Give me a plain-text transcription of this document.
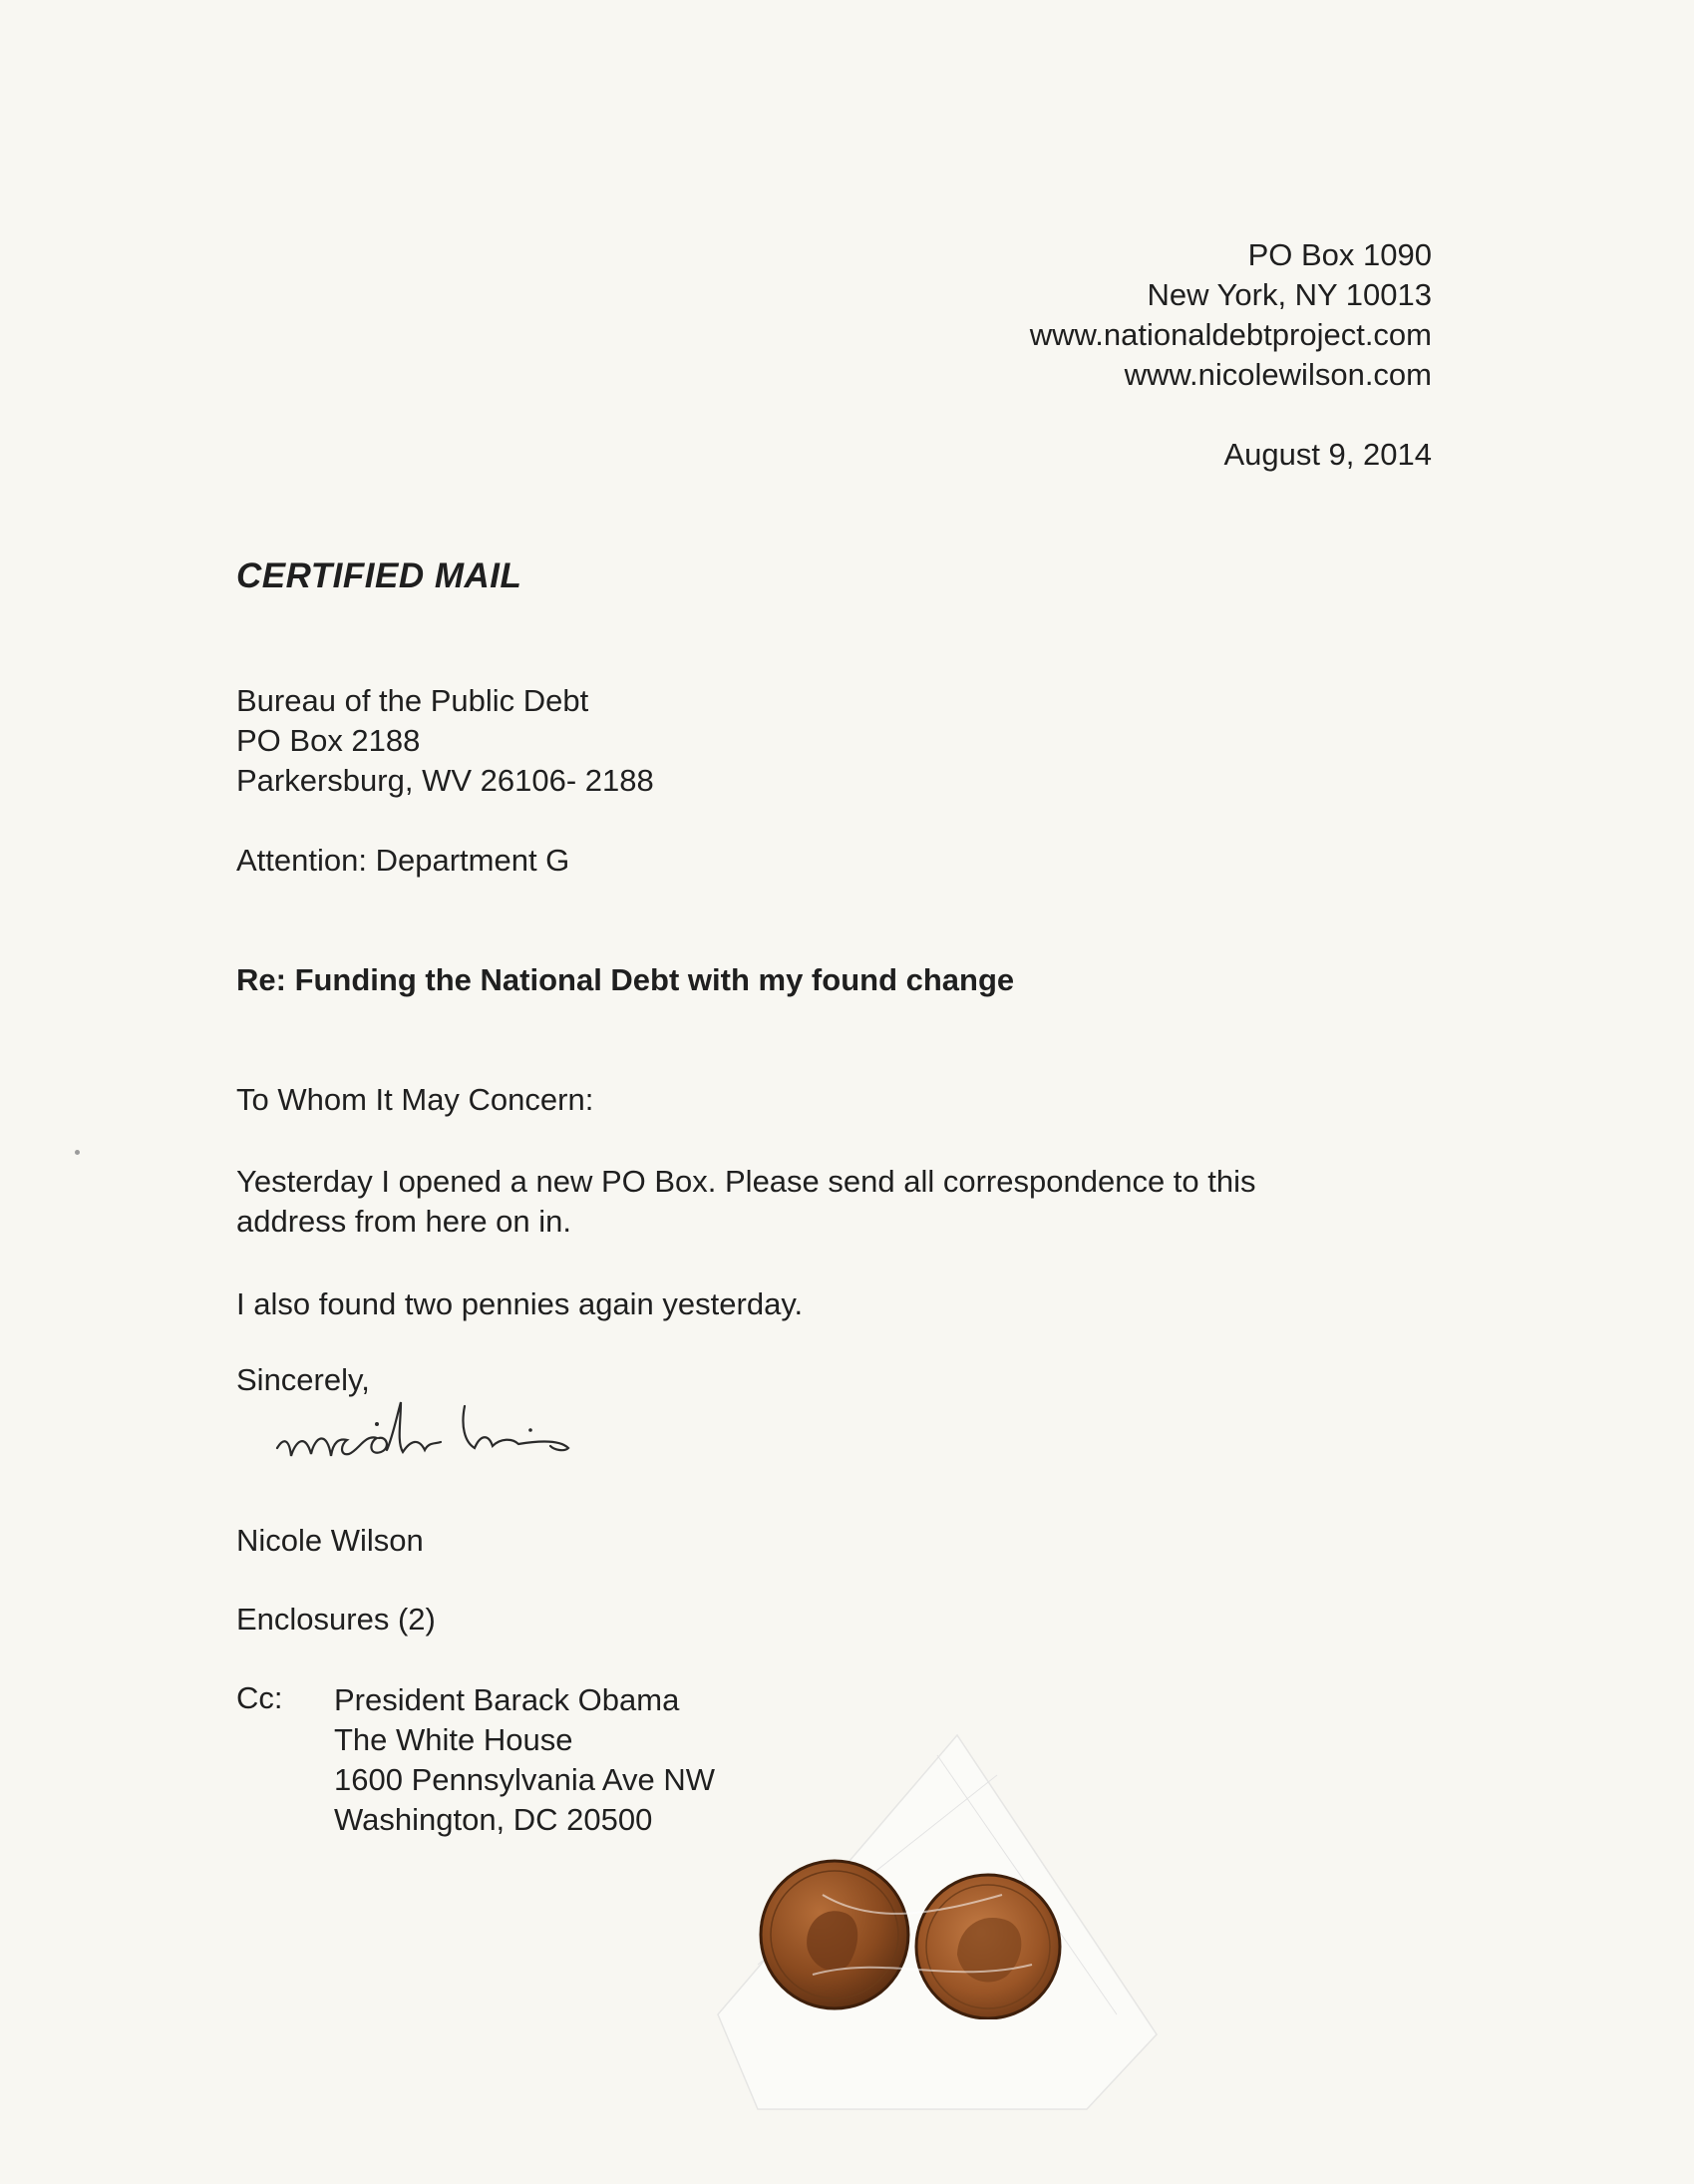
PO Box 1090
New York, NY 10013
www.nationaldebtproject.com
www.nicolewilson.com
August 9, 2014
CERTIFIED MAIL
Bureau of the Public Debt
PO Box 2188
Parkersburg, WV 26106- 2188
Attention: Department G
Re: Funding the National Debt with my found change
To Whom It May Concern:
Yesterday I opened a new PO Box. Please send all correspondence to this
address from here on in.
I also found two pennies again yesterday.
Sincerely,
Nicole Wilson
Enclosures (2)
Cc: President Barack Obama
The White House
1600 Pennsylvania Ave NW
Washington, DC 20500
